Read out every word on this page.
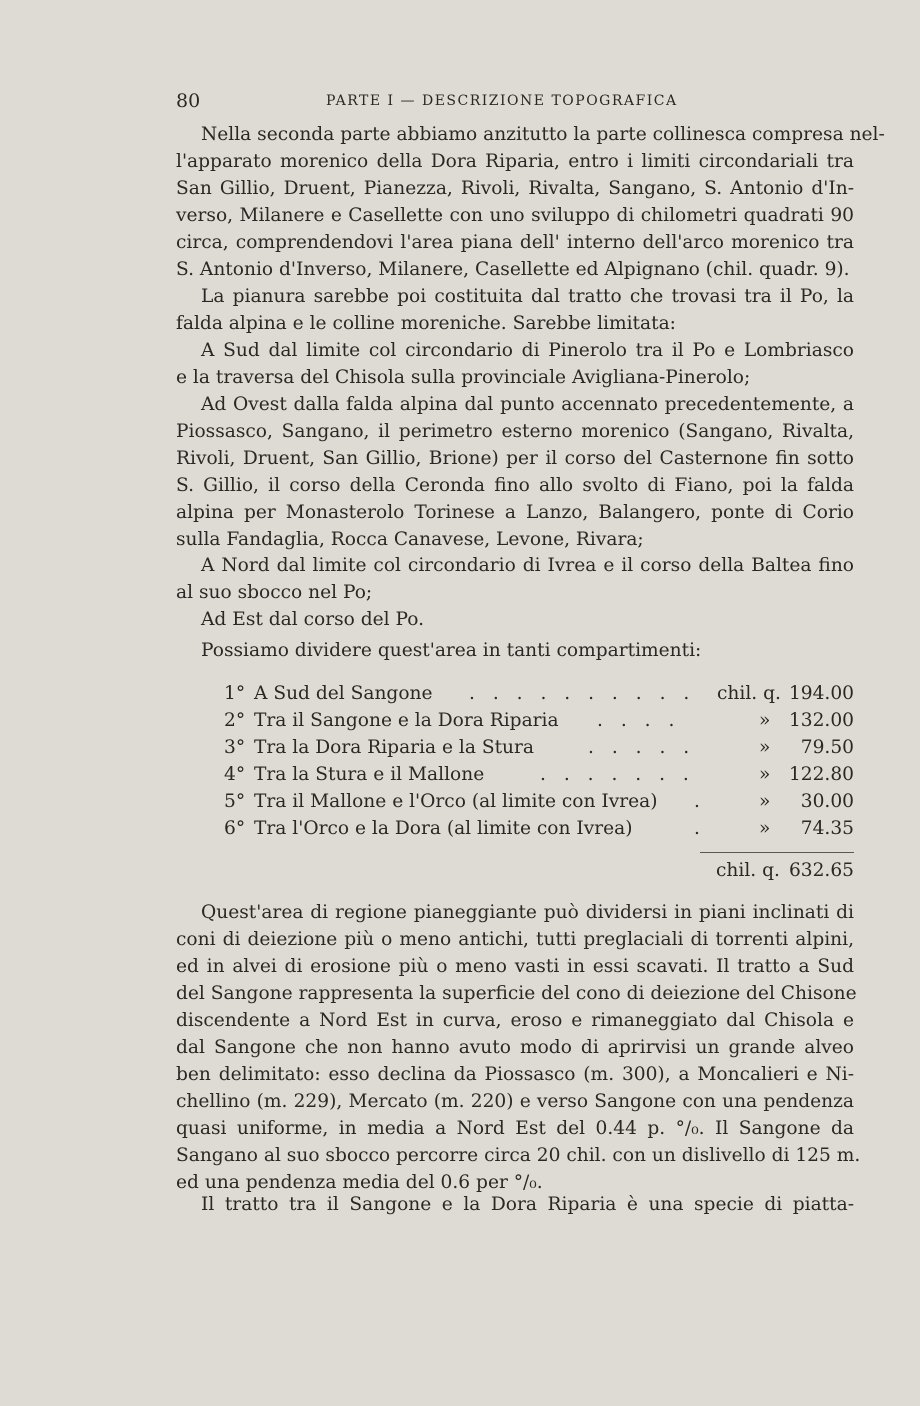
80	PARTE I — DESCRIZIONE TOPOGRAFICA
Nella seconda parte abbiamo anzitutto la parte collinesca compresa nel-
l'apparato morenico della Dora Riparia, entro i limiti circondariali tra
San Gillio, Druent, Pianezza, Rivoli, Rivalta, Sangano, S. Antonio d'In-
verso, Milanere e Casellette con uno sviluppo di chilometri quadrati 90
circa, comprendendovi l'area piana dell' interno dell'arco morenico tra
S. Antonio d'Inverso, Milanere, Casellette ed Alpignano (chil. quadr. 9).
La pianura sarebbe poi costituita dal tratto che trovasi tra il Po, la
falda alpina e le colline moreniche. Sarebbe limitata:
A Sud dal limite col circondario di Pinerolo tra il Po e Lombriasco
e la traversa del Chisola sulla provinciale Avigliana-Pinerolo;
Ad Ovest dalla falda alpina dal punto accennato precedentemente, a
Piossasco, Sangano, il perimetro esterno morenico (Sangano, Rivalta,
Rivoli, Druent, San Gillio, Brione) per il corso del Casternone fin sotto
S. Gillio, il corso della Ceronda fino allo svolto di Fiano, poi la falda
alpina per Monasterolo Torinese a Lanzo, Balangero, ponte di Corio
sulla Fandaglia, Rocca Canavese, Levone, Rivara;
A Nord dal limite col circondario di Ivrea e il corso della Baltea fino
al suo sbocco nel Po;
Ad Est dal corso del Po.
Possiamo dividere quest'area in tanti compartimenti:
1° A Sud del Sangone . . . . . . . . . . chil. q. 194.00
2° Tra il Sangone e la Dora Riparia . . . .	» 132.00
3° Tra la Dora Riparia e la Stura	. . . . .	» 79.50
4° Tra la Stura e il Mallone	. . . . . . .	» 122.80
5° Tra il Mallone e l'Orco (al limite con Ivrea) .	» 30.00
6° Tra l'Orco e la Dora (al limite con Ivrea)	.	» 74.35
chil. q. 632.65
Quest'area di regione pianeggiante può dividersi in piani inclinati di
coni di deiezione più o meno antichi, tutti preglaciali di torrenti alpini,
ed in alvei di erosione più o meno vasti in essi scavati. Il tratto a Sud
del Sangone rappresenta la superficie del cono di deiezione del Chisone
discendente a Nord Est in curva, eroso e rimaneggiato dal Chisola e
dal Sangone che non hanno avuto modo di aprirvisi un grande alveo
ben delimitato: esso declina da Piossasco (m. 300), a Moncalieri e Ni-
chellino (m. 229), Mercato (m. 220) e verso Sangone con una pendenza
quasi uniforme, in media a Nord Est del 0.44 p. °/₀. Il Sangone da
Sangano al suo sbocco percorre circa 20 chil. con un dislivello di 125 m.
ed una pendenza media del 0.6 per °/₀.
Il tratto tra il Sangone e la Dora Riparia è una specie di piatta-
